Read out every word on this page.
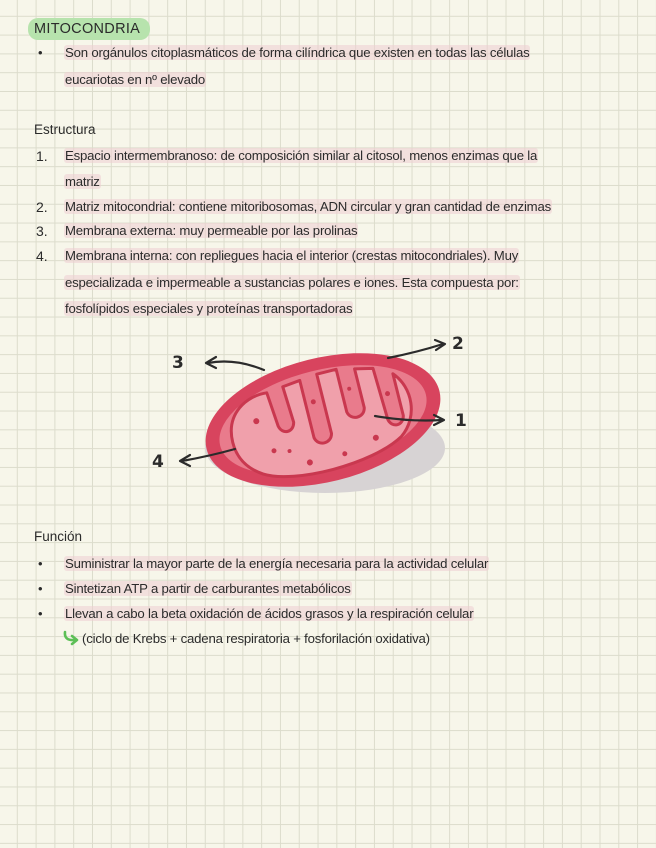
MITOCONDRIA
• Son orgánulos citoplasmáticos de forma cilíndrica que existen en todas las células
eucariotas en nº elevado
Estructura
1. Espacio intermembranoso: de composición similar al citosol, menos enzimas que la
matriz
2. Matriz mitocondrial: contiene mitoribosomas, ADN circular y gran cantidad de enzimas
3. Membrana externa: muy permeable por las prolinas
4. Membrana interna: con repliegues hacia el interior (crestas mitocondriales). Muy
especializada e impermeable a sustancias polares e iones. Esta compuesta por:
fosfolípidos especiales y proteínas transportadoras
2
1
3
4
Función
• Suministrar la mayor parte de la energía necesaria para la actividad celular
• Sintetizan ATP a partir de carburantes metabólicos
• Llevan a cabo la beta oxidación de ácidos grasos y la respiración celular
(ciclo de Krebs + cadena respiratoria + fosforilación oxidativa)
